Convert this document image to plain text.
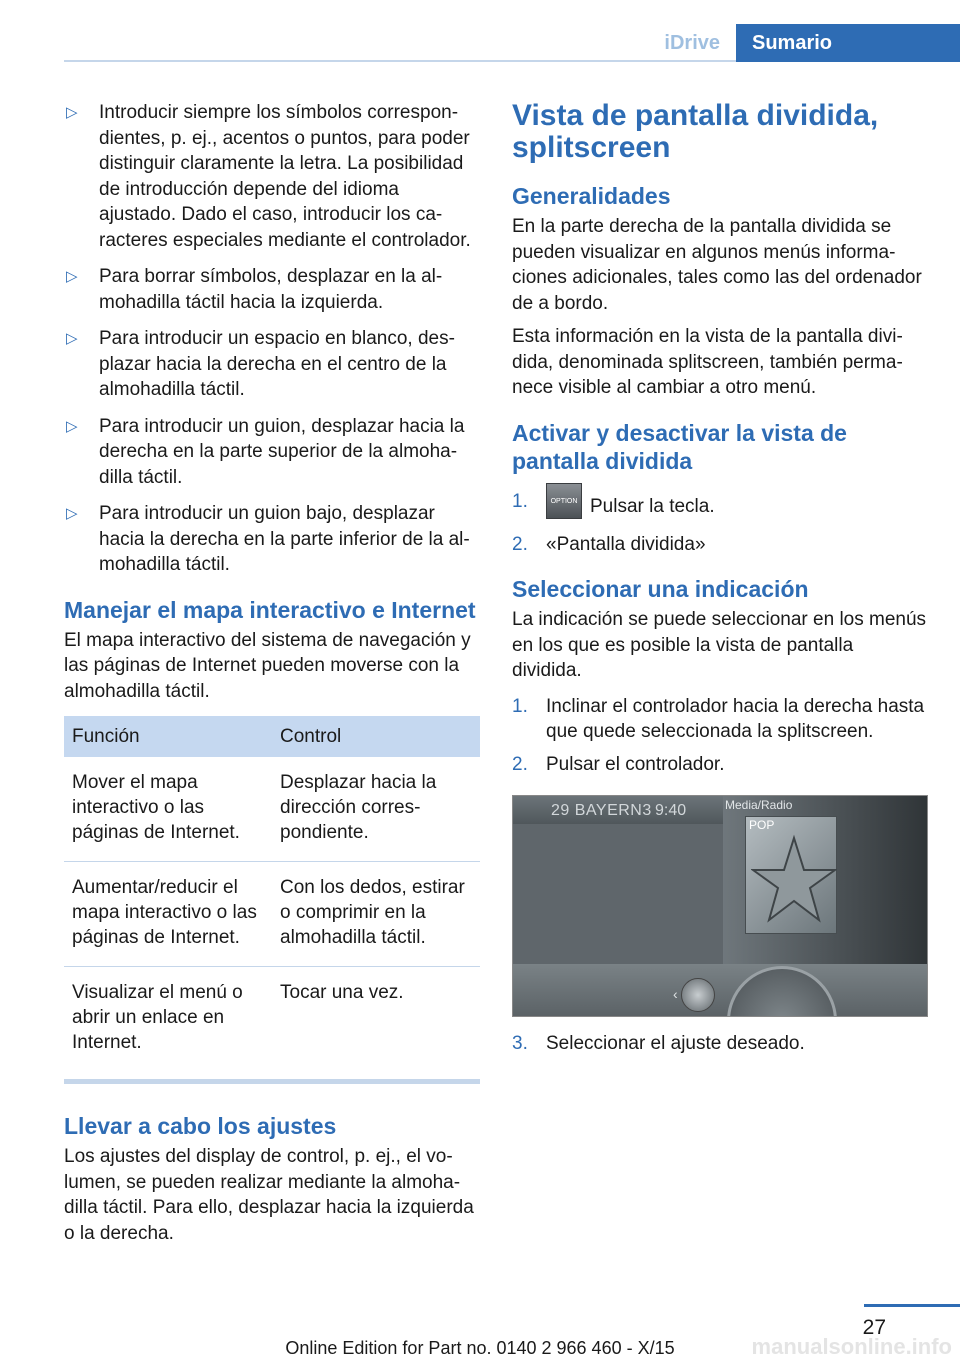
iDrive	Sumario
▷ Introducir siempre los símbolos correspondientes, p. ej., acentos o puntos, para poder distinguir claramente la letra. La posibilidad de introducción depende del idioma ajustado. Dado el caso, introducir los caracteres especiales mediante el controlador.
▷ Para borrar símbolos, desplazar en la almohadilla táctil hacia la izquierda.
▷ Para introducir un espacio en blanco, desplazar hacia la derecha en el centro de la almohadilla táctil.
▷ Para introducir un guion, desplazar hacia la derecha en la parte superior de la almohadilla táctil.
▷ Para introducir un guion bajo, desplazar hacia la derecha en la parte inferior de la almohadilla táctil.
Manejar el mapa interactivo e Internet
El mapa interactivo del sistema de navegación y las páginas de Internet pueden moverse con la almohadilla táctil.
Función	Control
Mover el mapa interactivo o las páginas de Internet.	Desplazar hacia la dirección correspondiente.
Aumentar/reducir el mapa interactivo o las páginas de Internet.	Con los dedos, estirar o comprimir en la almohadilla táctil.
Visualizar el menú o abrir un enlace en Internet.	Tocar una vez.
Llevar a cabo los ajustes
Los ajustes del display de control, p. ej., el volumen, se pueden realizar mediante la almohadilla táctil. Para ello, desplazar hacia la izquierda o la derecha.
Vista de pantalla dividida, splitscreen
Generalidades
En la parte derecha de la pantalla dividida se pueden visualizar en algunos menús informaciones adicionales, tales como las del ordenador de a bordo.
Esta información en la vista de la pantalla dividida, denominada splitscreen, también permanece visible al cambiar a otro menú.
Activar y desactivar la vista de pantalla dividida
1.	OPTION Pulsar la tecla.
2. «Pantalla dividida»
Seleccionar una indicación
La indicación se puede seleccionar en los menús en los que es posible la vista de pantalla dividida.
1. Inclinar el controlador hacia la derecha hasta que quede seleccionada la splitscreen.
2. Pulsar el controlador.
29 BAYERN3 9:40	Media/Radio
POP
‹
3. Seleccionar el ajuste deseado.
27
Online Edition for Part no. 0140 2 966 460 - X/15	manualsonline.info
